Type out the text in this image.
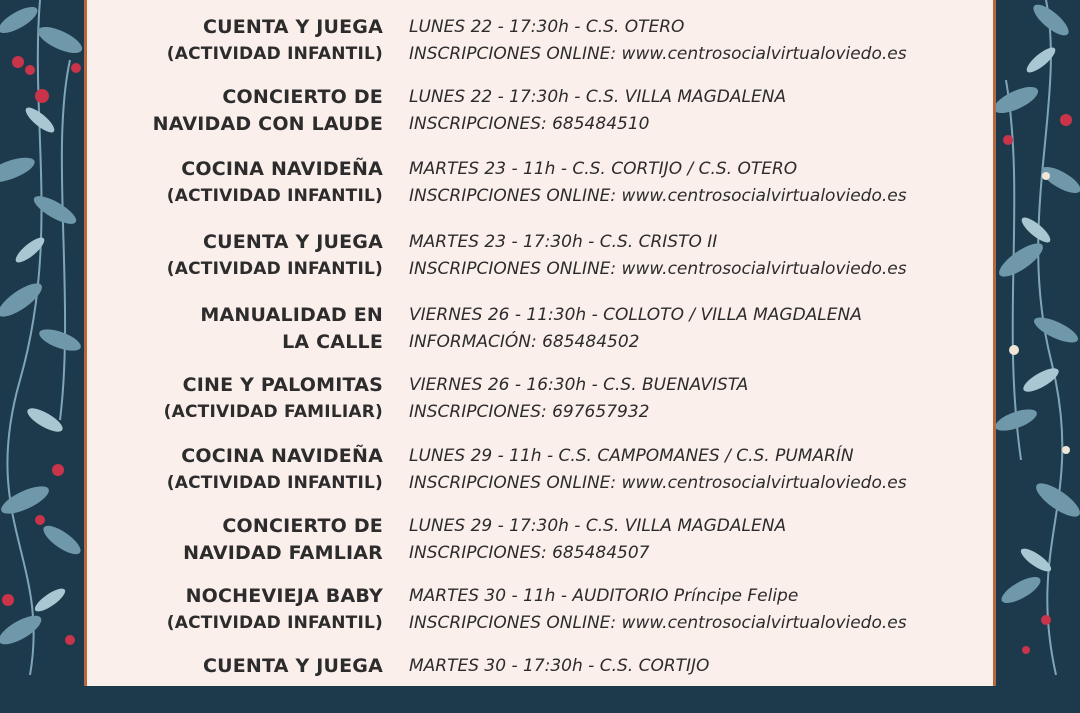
CUENTA Y JUEGA
(ACTIVIDAD INFANTIL)
LUNES 22 - 17:30h - C.S. OTERO
INSCRIPCIONES ONLINE: www.centrosocialvirtualoviedo.es
CONCIERTO DE
NAVIDAD CON LAUDE
LUNES 22 - 17:30h - C.S. VILLA MAGDALENA
INSCRIPCIONES: 685484510
COCINA NAVIDEÑA
(ACTIVIDAD INFANTIL)
MARTES 23 - 11h - C.S. CORTIJO / C.S. OTERO
INSCRIPCIONES ONLINE: www.centrosocialvirtualoviedo.es
CUENTA Y JUEGA
(ACTIVIDAD INFANTIL)
MARTES 23 - 17:30h - C.S. CRISTO II
INSCRIPCIONES ONLINE: www.centrosocialvirtualoviedo.es
MANUALIDAD EN
LA CALLE
VIERNES 26 - 11:30h - COLLOTO / VILLA MAGDALENA
INFORMACIÓN: 685484502
CINE Y PALOMITAS
(ACTIVIDAD FAMILIAR)
VIERNES 26 - 16:30h - C.S. BUENAVISTA
INSCRIPCIONES: 697657932
COCINA NAVIDEÑA
(ACTIVIDAD INFANTIL)
LUNES 29 - 11h - C.S. CAMPOMANES / C.S. PUMARÍN
INSCRIPCIONES ONLINE: www.centrosocialvirtualoviedo.es
CONCIERTO DE
NAVIDAD FAMLIAR
LUNES 29 - 17:30h - C.S. VILLA MAGDALENA
INSCRIPCIONES: 685484507
NOCHEVIEJA BABY
(ACTIVIDAD INFANTIL)
MARTES 30 - 11h - AUDITORIO Príncipe Felipe
INSCRIPCIONES ONLINE: www.centrosocialvirtualoviedo.es
CUENTA Y JUEGA MARTES 30 - 17:30h - C.S. CORTIJO
